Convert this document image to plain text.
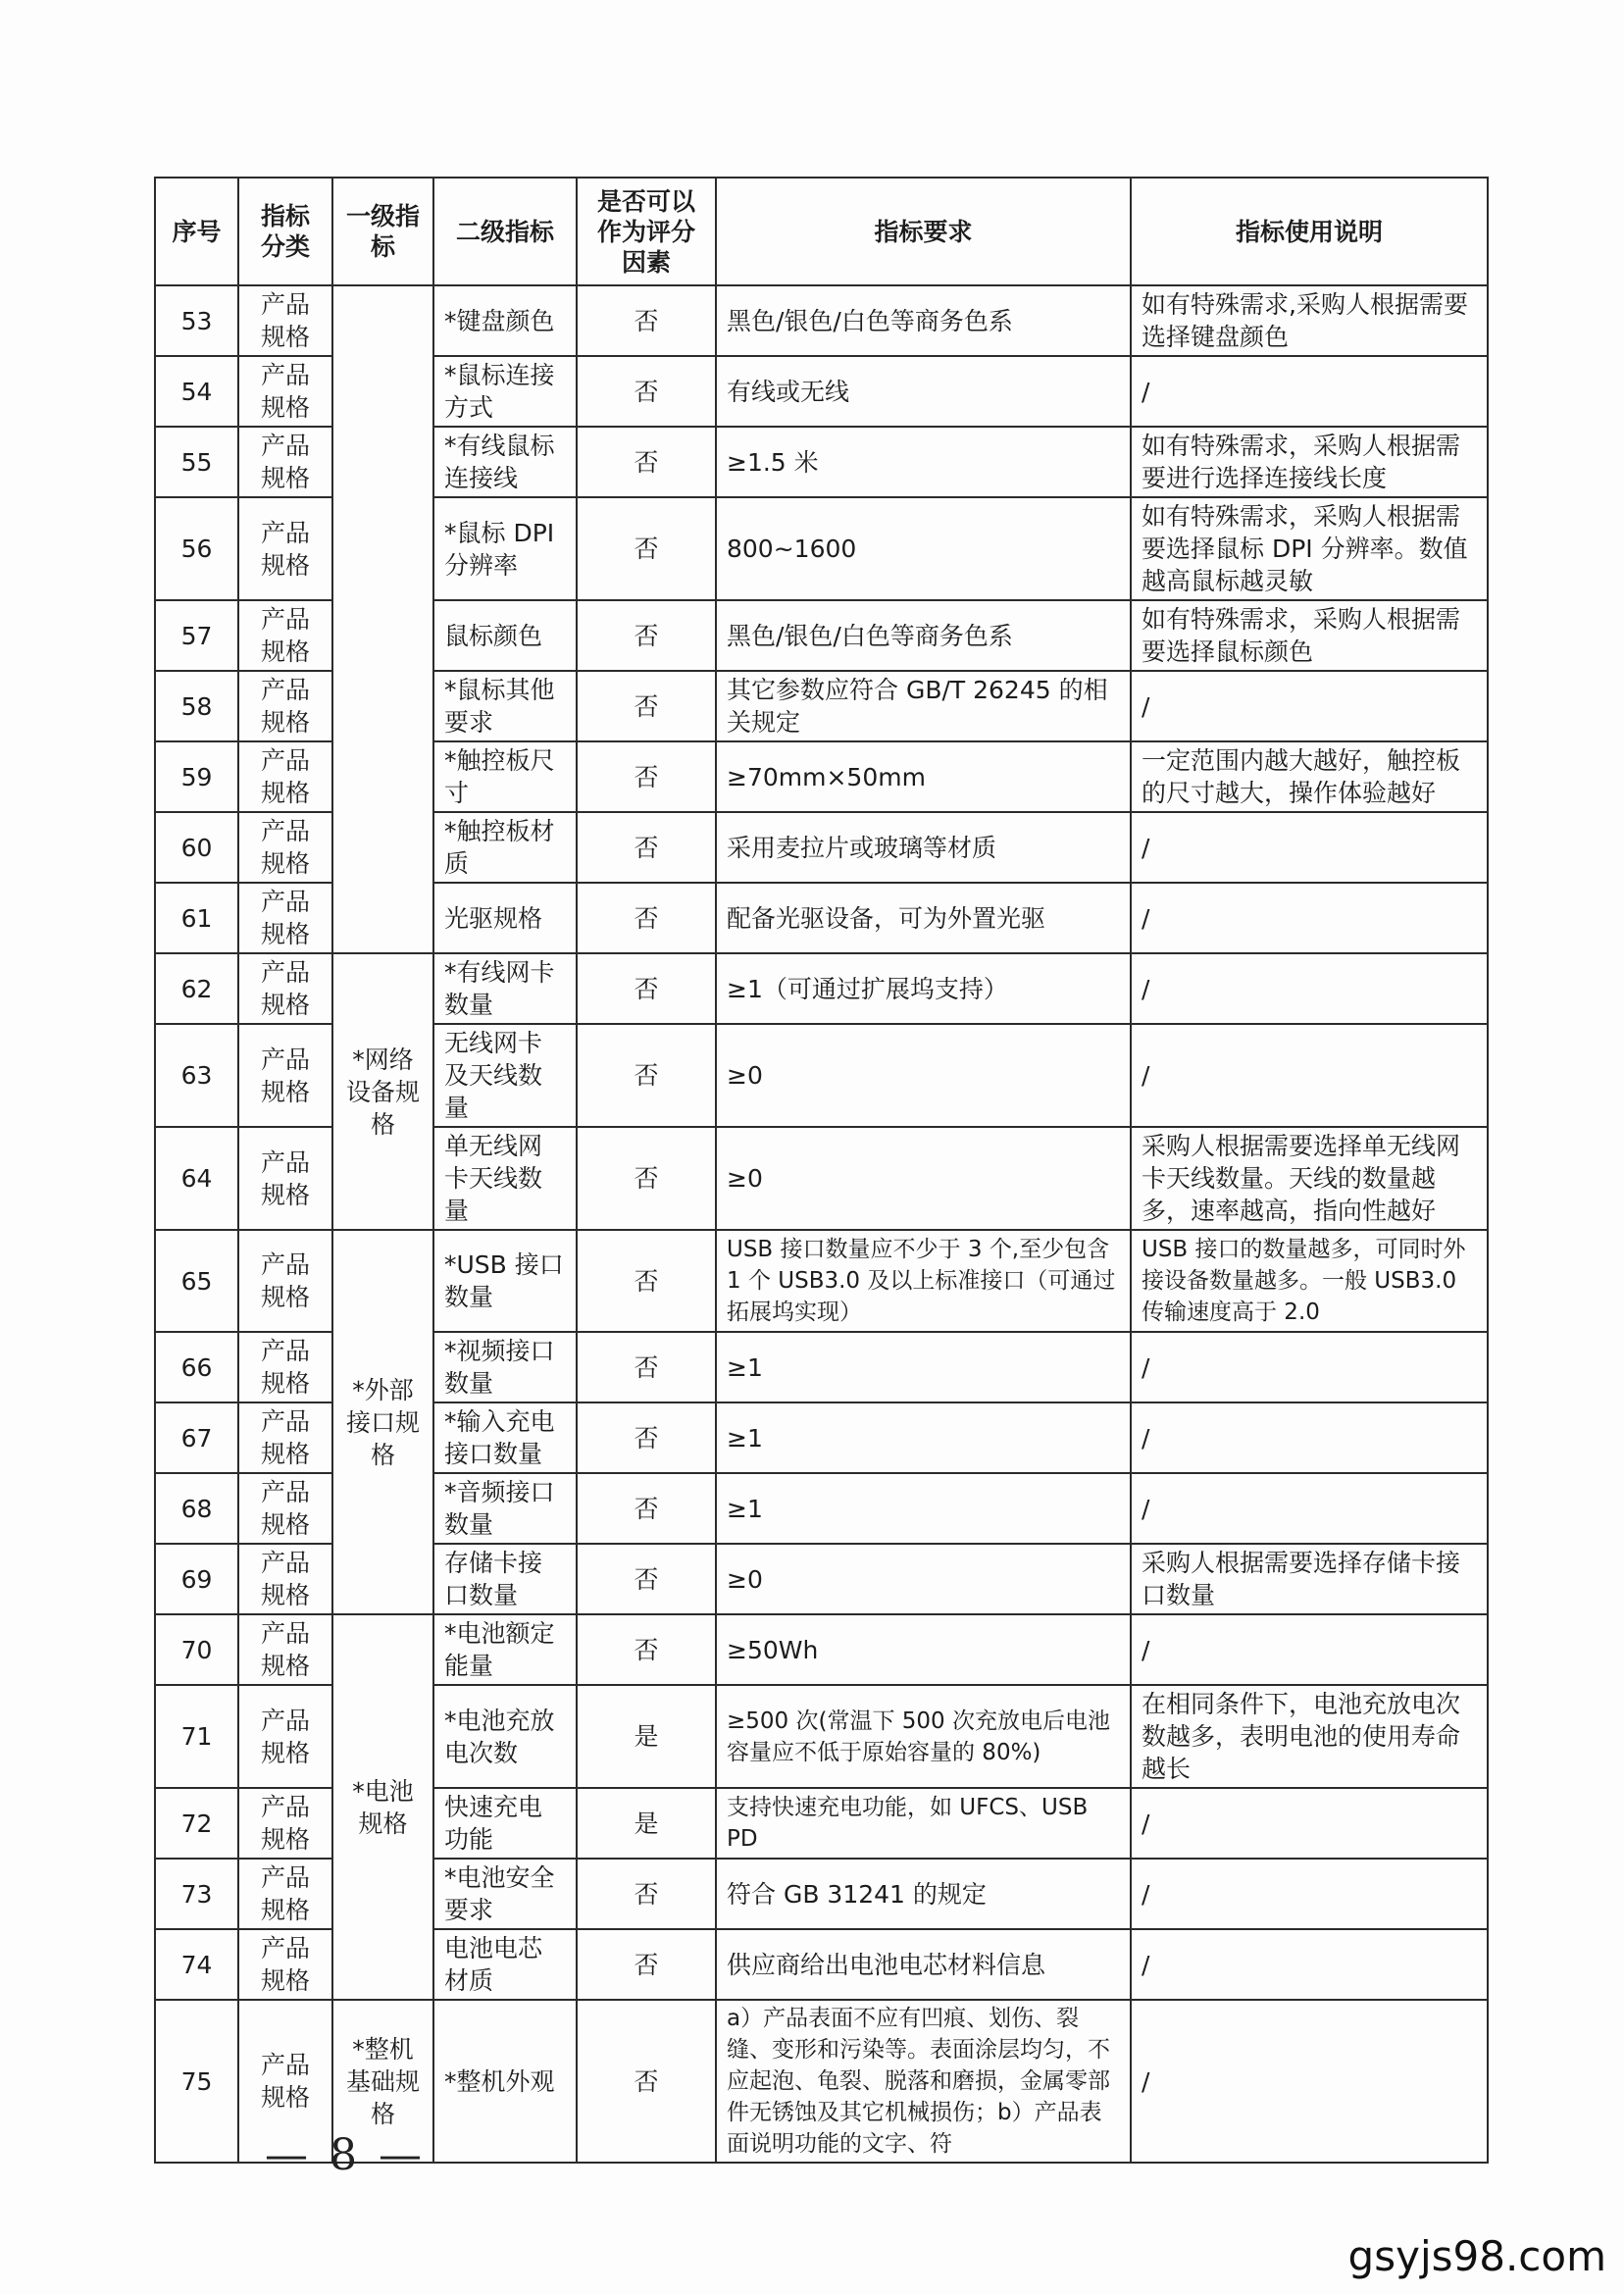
序号	指标分类	一级指标	二级指标	是否可以作为评分因素	指标要求	指标使用说明
53	产品规格		*键盘颜色	否	黑色/银色/白色等商务色系	如有特殊需求,采购人根据需要选择键盘颜色
54	产品规格		*鼠标连接方式	否	有线或无线	/
55	产品规格		*有线鼠标连接线	否	≥1.5 米	如有特殊需求，采购人根据需要进行选择连接线长度
56	产品规格		*鼠标 DPI 分辨率	否	800~1600	如有特殊需求，采购人根据需要选择鼠标 DPI 分辨率。数值越高鼠标越灵敏
57	产品规格		鼠标颜色	否	黑色/银色/白色等商务色系	如有特殊需求，采购人根据需要选择鼠标颜色
58	产品规格		*鼠标其他要求	否	其它参数应符合 GB/T 26245 的相关规定	/
59	产品规格		*触控板尺寸	否	≥70mm×50mm	一定范围内越大越好，触控板的尺寸越大，操作体验越好
60	产品规格		*触控板材质	否	采用麦拉片或玻璃等材质	/
61	产品规格		光驱规格	否	配备光驱设备，可为外置光驱	/
62	产品规格	*网络设备规格	*有线网卡数量	否	≥1（可通过扩展坞支持）	/
63	产品规格		无线网卡及天线数量	否	≥0	/
64	产品规格		单无线网卡天线数量	否	≥0	采购人根据需要选择单无线网卡天线数量。天线的数量越多，速率越高，指向性越好
65	产品规格	*外部接口规格	*USB 接口数量	否	USB 接口数量应不少于 3 个,至少包含 1 个 USB3.0 及以上标准接口（可通过拓展坞实现）	USB 接口的数量越多，可同时外接设备数量越多。一般 USB3.0 传输速度高于 2.0
66	产品规格		*视频接口数量	否	≥1	/
67	产品规格		*输入充电接口数量	否	≥1	/
68	产品规格		*音频接口数量	否	≥1	/
69	产品规格		存储卡接口数量	否	≥0	采购人根据需要选择存储卡接口数量
70	产品规格	*电池规格	*电池额定能量	否	≥50Wh	/
71	产品规格		*电池充放电次数	是	≥500 次(常温下 500 次充放电后电池容量应不低于原始容量的 80%)	在相同条件下，电池充放电次数越多，表明电池的使用寿命越长
72	产品规格		快速充电功能	是	支持快速充电功能，如 UFCS、USB PD	/
73	产品规格		*电池安全要求	否	符合 GB 31241 的规定	/
74	产品规格		电池电芯材质	否	供应商给出电池电芯材料信息	/
75	产品规格	*整机基础规格	*整机外观	否	a）产品表面不应有凹痕、划伤、裂缝、变形和污染等。表面涂层均匀，不应起泡、龟裂、脱落和磨损，金属零部件无锈蚀及其它机械损伤；b）产品表面说明功能的文字、符	/
— 8 —
gsyjs98.com
